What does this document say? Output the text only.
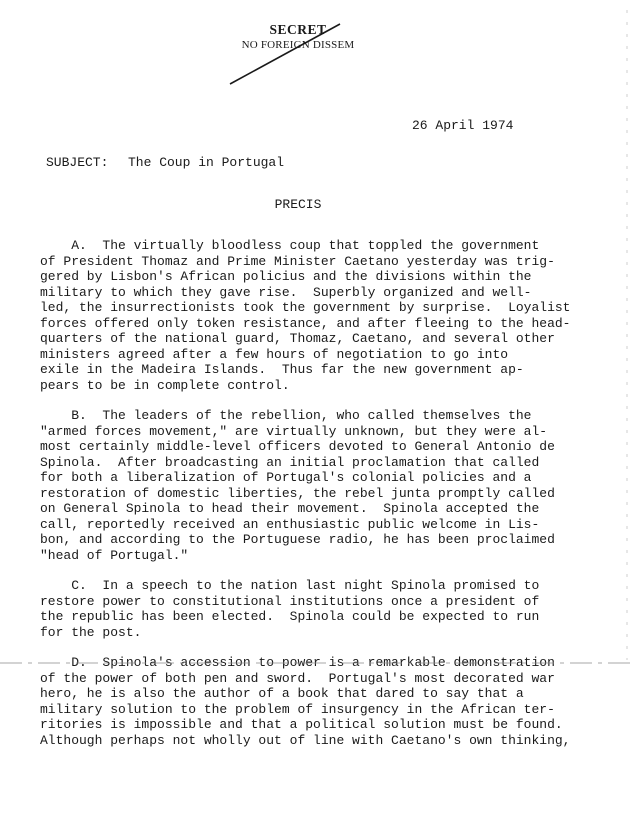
SECRET
NO FOREIGN DISSEM
26 April 1974
SUBJECT: The Coup in Portugal
PRECIS
A.  The virtually bloodless coup that toppled the government
of President Thomaz and Prime Minister Caetano yesterday was trig-
gered by Lisbon's African policius and the divisions within the
military to which they gave rise.  Superbly organized and well-
led, the insurrectionists took the government by surprise.  Loyalist
forces offered only token resistance, and after fleeing to the head-
quarters of the national guard, Thomaz, Caetano, and several other
ministers agreed after a few hours of negotiation to go into
exile in the Madeira Islands.  Thus far the new government ap-
pears to be in complete control.
B.  The leaders of the rebellion, who called themselves the
"armed forces movement," are virtually unknown, but they were al-
most certainly middle-level officers devoted to General Antonio de
Spinola.  After broadcasting an initial proclamation that called
for both a liberalization of Portugal's colonial policies and a
restoration of domestic liberties, the rebel junta promptly called
on General Spinola to head their movement.  Spinola accepted the
call, reportedly received an enthusiastic public welcome in Lis-
bon, and according to the Portuguese radio, he has been proclaimed
"head of Portugal."
C.  In a speech to the nation last night Spinola promised to
restore power to constitutional institutions once a president of
the republic has been elected.  Spinola could be expected to run
for the post.
D.  Spinola's accession to power is a remarkable demonstration
of the power of both pen and sword.  Portugal's most decorated war
hero, he is also the author of a book that dared to say that a
military solution to the problem of insurgency in the African ter-
ritories is impossible and that a political solution must be found.
Although perhaps not wholly out of line with Caetano's own thinking,
